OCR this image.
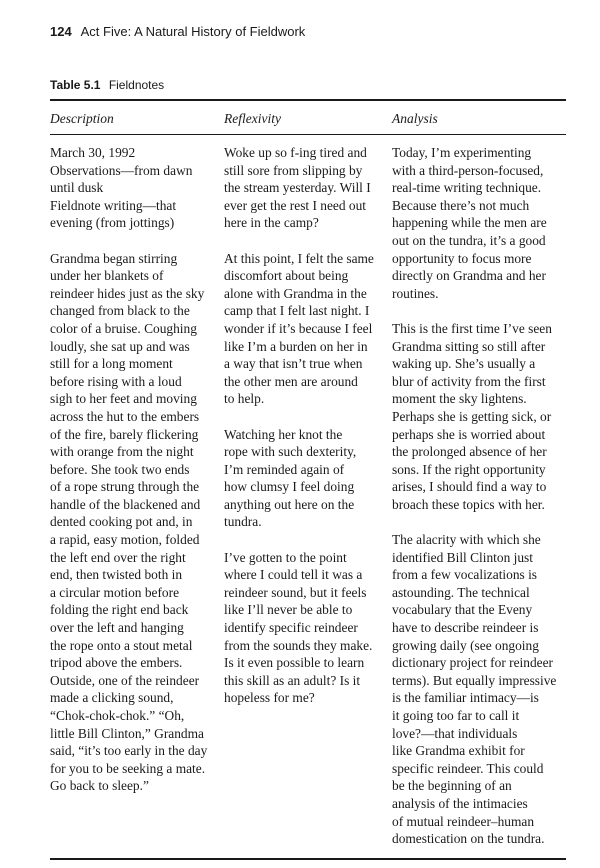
124 Act Five: A Natural History of Fieldwork
Table 5.1 Fieldnotes
Description	Reflexivity	Analysis
March 30, 1992
Observations—from dawn
until dusk
Fieldnote writing—that
evening (from jottings)
Grandma began stirring
under her blankets of
reindeer hides just as the sky
changed from black to the
color of a bruise. Coughing
loudly, she sat up and was
still for a long moment
before rising with a loud
sigh to her feet and moving
across the hut to the embers
of the fire, barely flickering
with orange from the night
before. She took two ends
of a rope strung through the
handle of the blackened and
dented cooking pot and, in
a rapid, easy motion, folded
the left end over the right
end, then twisted both in
a circular motion before
folding the right end back
over the left and hanging
the rope onto a stout metal
tripod above the embers.
Outside, one of the reindeer
made a clicking sound,
“Chok-chok-chok.” “Oh,
little Bill Clinton,” Grandma
said, “it’s too early in the day
for you to be seeking a mate.
Go back to sleep.”
Woke up so f-ing tired and
still sore from slipping by
the stream yesterday. Will I
ever get the rest I need out
here in the camp?
At this point, I felt the same
discomfort about being
alone with Grandma in the
camp that I felt last night. I
wonder if it’s because I feel
like I’m a burden on her in
a way that isn’t true when
the other men are around
to help.
Watching her knot the
rope with such dexterity,
I’m reminded again of
how clumsy I feel doing
anything out here on the
tundra.
I’ve gotten to the point
where I could tell it was a
reindeer sound, but it feels
like I’ll never be able to
identify specific reindeer
from the sounds they make.
Is it even possible to learn
this skill as an adult? Is it
hopeless for me?
Today, I’m experimenting
with a third-person-focused,
real-time writing technique.
Because there’s not much
happening while the men are
out on the tundra, it’s a good
opportunity to focus more
directly on Grandma and her
routines.
This is the first time I’ve seen
Grandma sitting so still after
waking up. She’s usually a
blur of activity from the first
moment the sky lightens.
Perhaps she is getting sick, or
perhaps she is worried about
the prolonged absence of her
sons. If the right opportunity
arises, I should find a way to
broach these topics with her.
The alacrity with which she
identified Bill Clinton just
from a few vocalizations is
astounding. The technical
vocabulary that the Eveny
have to describe reindeer is
growing daily (see ongoing
dictionary project for reindeer
terms). But equally impressive
is the familiar intimacy—is
it going too far to call it
love?—that individuals
like Grandma exhibit for
specific reindeer. This could
be the beginning of an
analysis of the intimacies
of mutual reindeer–human
domestication on the tundra.
